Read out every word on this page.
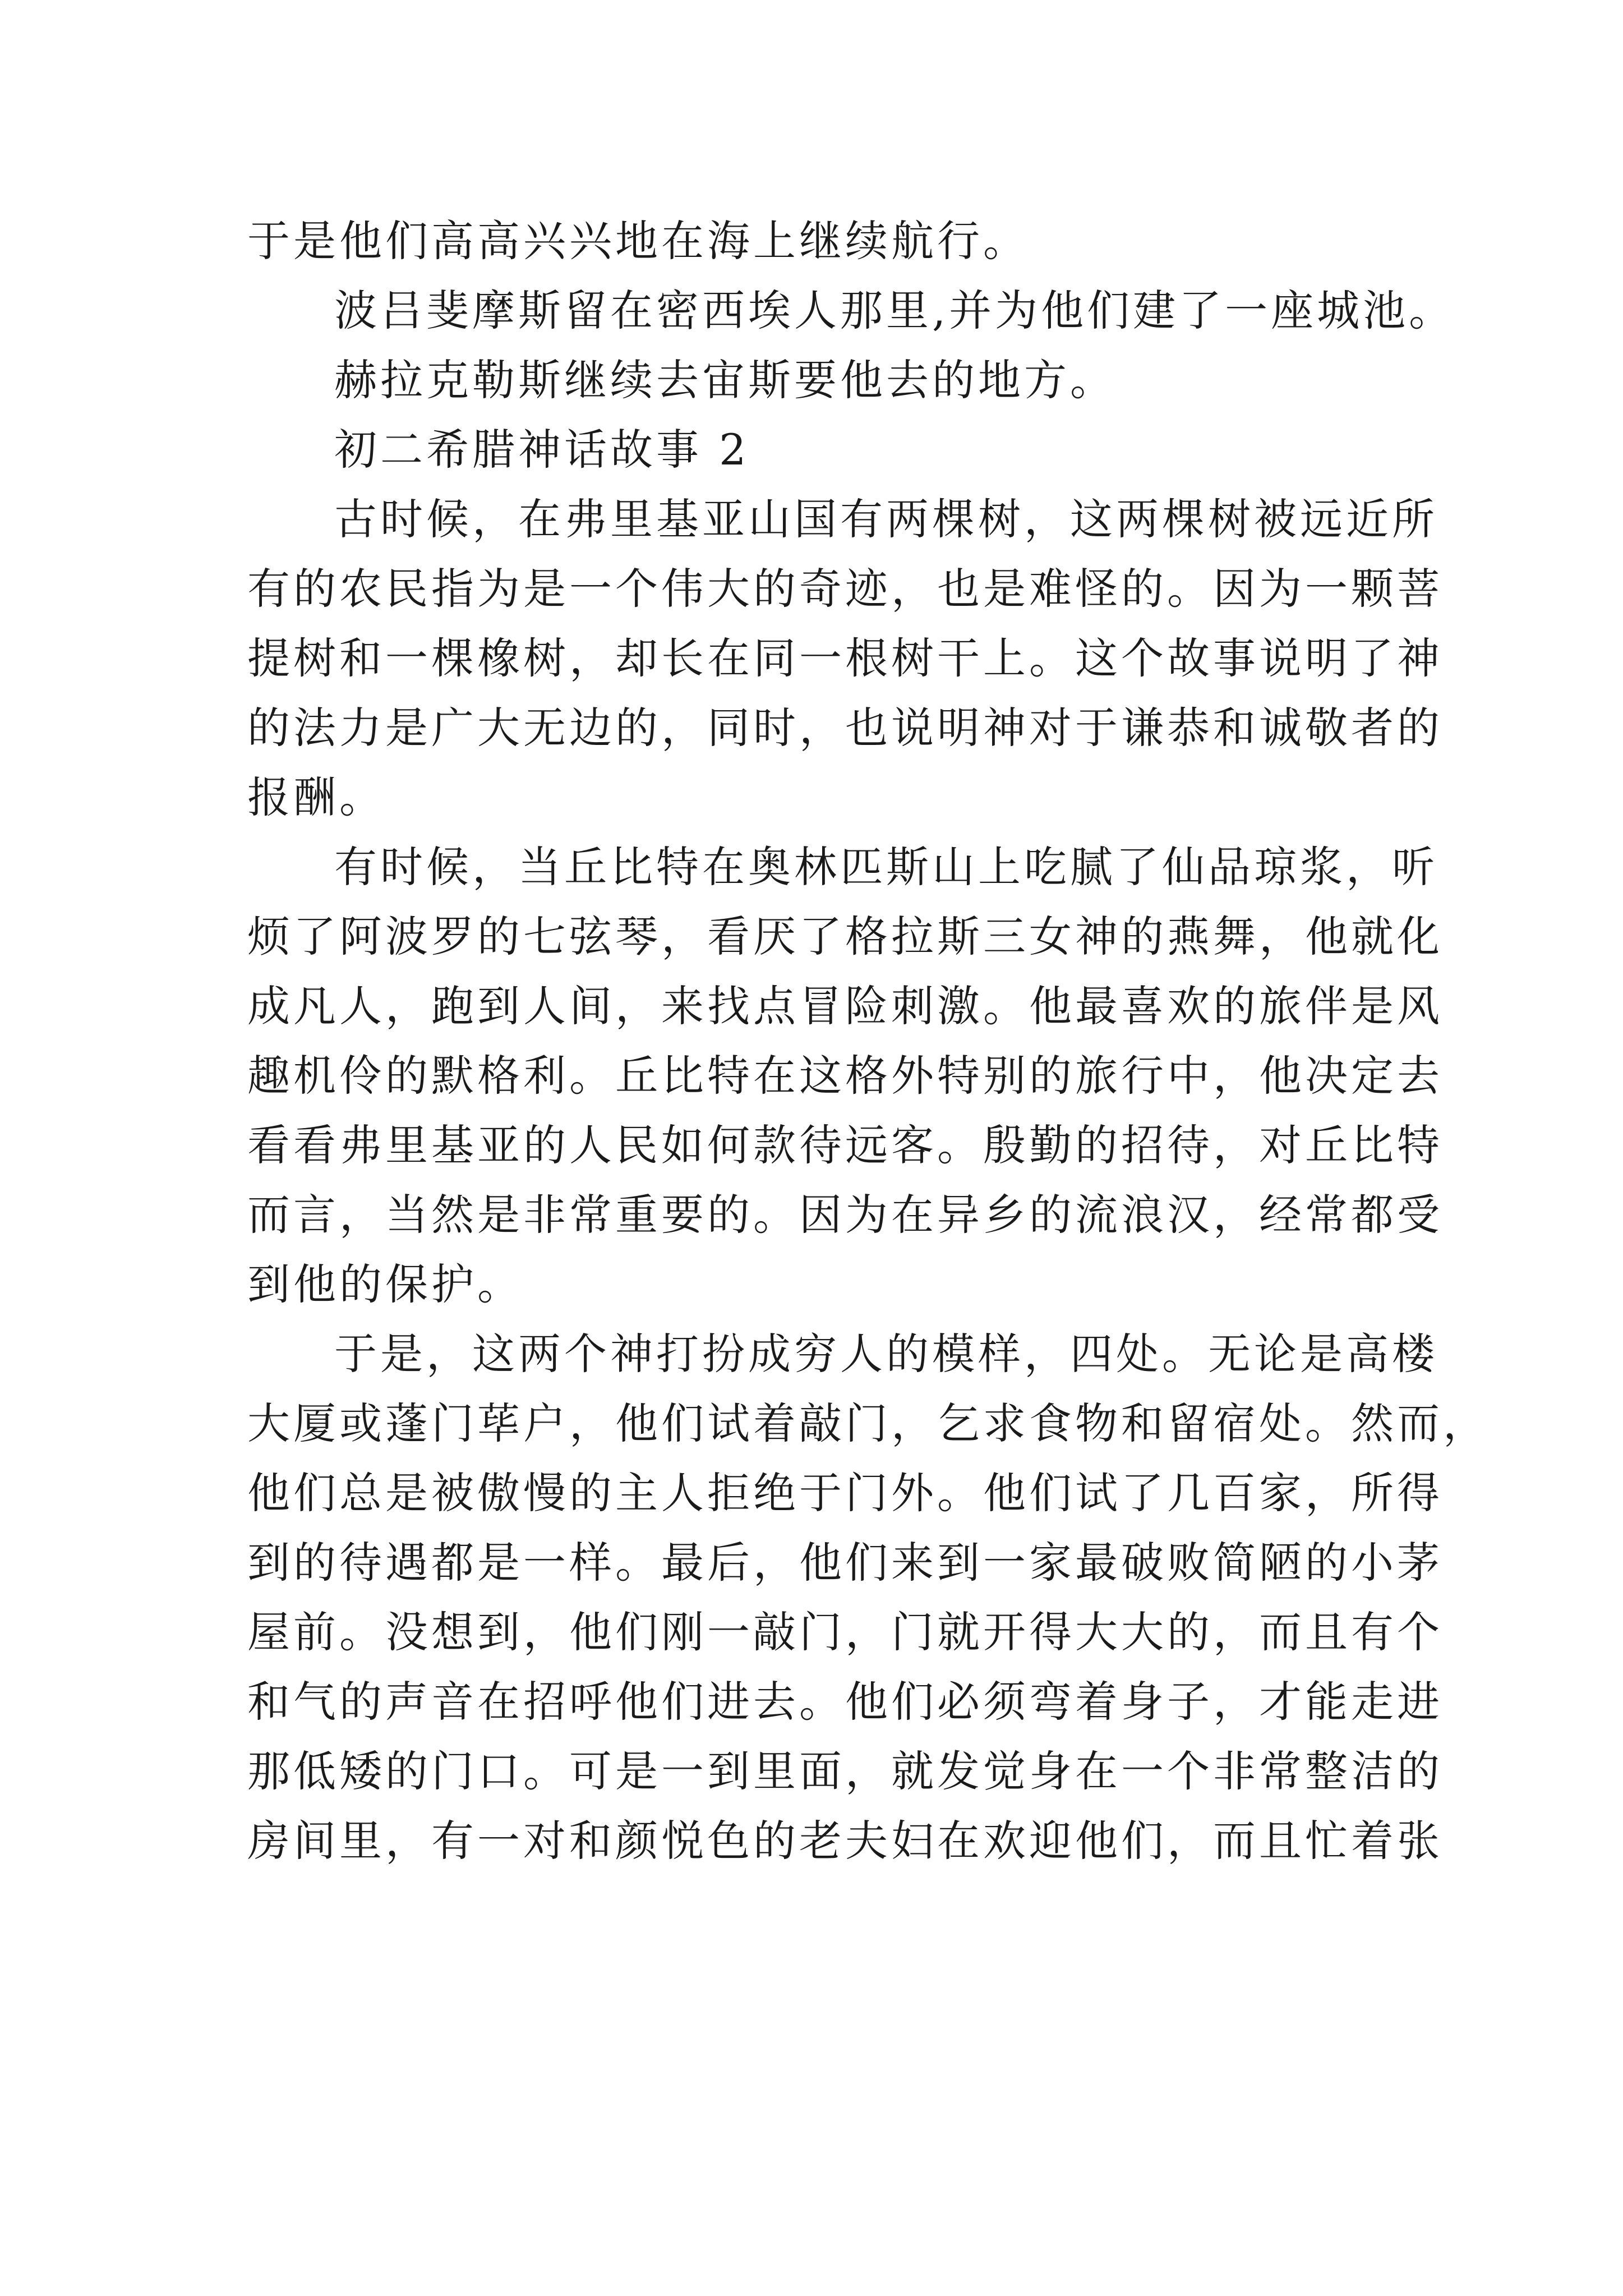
于是他们高高兴兴地在海上继续航行。
波吕斐摩斯留在密西埃人那里,并为他们建了一座城池。
赫拉克勒斯继续去宙斯要他去的地方。
初二希腊神话故事 2
古时候，在弗里基亚山国有两棵树，这两棵树被远近所
有的农民指为是一个伟大的奇迹，也是难怪的。因为一颗菩
提树和一棵橡树，却长在同一根树干上。这个故事说明了神
的法力是广大无边的，同时，也说明神对于谦恭和诚敬者的
报酬。
有时候，当丘比特在奥林匹斯山上吃腻了仙品琼浆，听
烦了阿波罗的七弦琴，看厌了格拉斯三女神的燕舞，他就化
成凡人，跑到人间，来找点冒险刺激。他最喜欢的旅伴是风
趣机伶的默格利。丘比特在这格外特别的旅行中，他决定去
看看弗里基亚的人民如何款待远客。殷勤的招待，对丘比特
而言，当然是非常重要的。因为在异乡的流浪汉，经常都受
到他的保护。
于是，这两个神打扮成穷人的模样，四处。无论是高楼
大厦或蓬门荜户，他们试着敲门，乞求食物和留宿处。然而，
他们总是被傲慢的主人拒绝于门外。他们试了几百家，所得
到的待遇都是一样。最后，他们来到一家最破败简陋的小茅
屋前。没想到，他们刚一敲门，门就开得大大的，而且有个
和气的声音在招呼他们进去。他们必须弯着身子，才能走进
那低矮的门口。可是一到里面，就发觉身在一个非常整洁的
房间里，有一对和颜悦色的老夫妇在欢迎他们，而且忙着张
